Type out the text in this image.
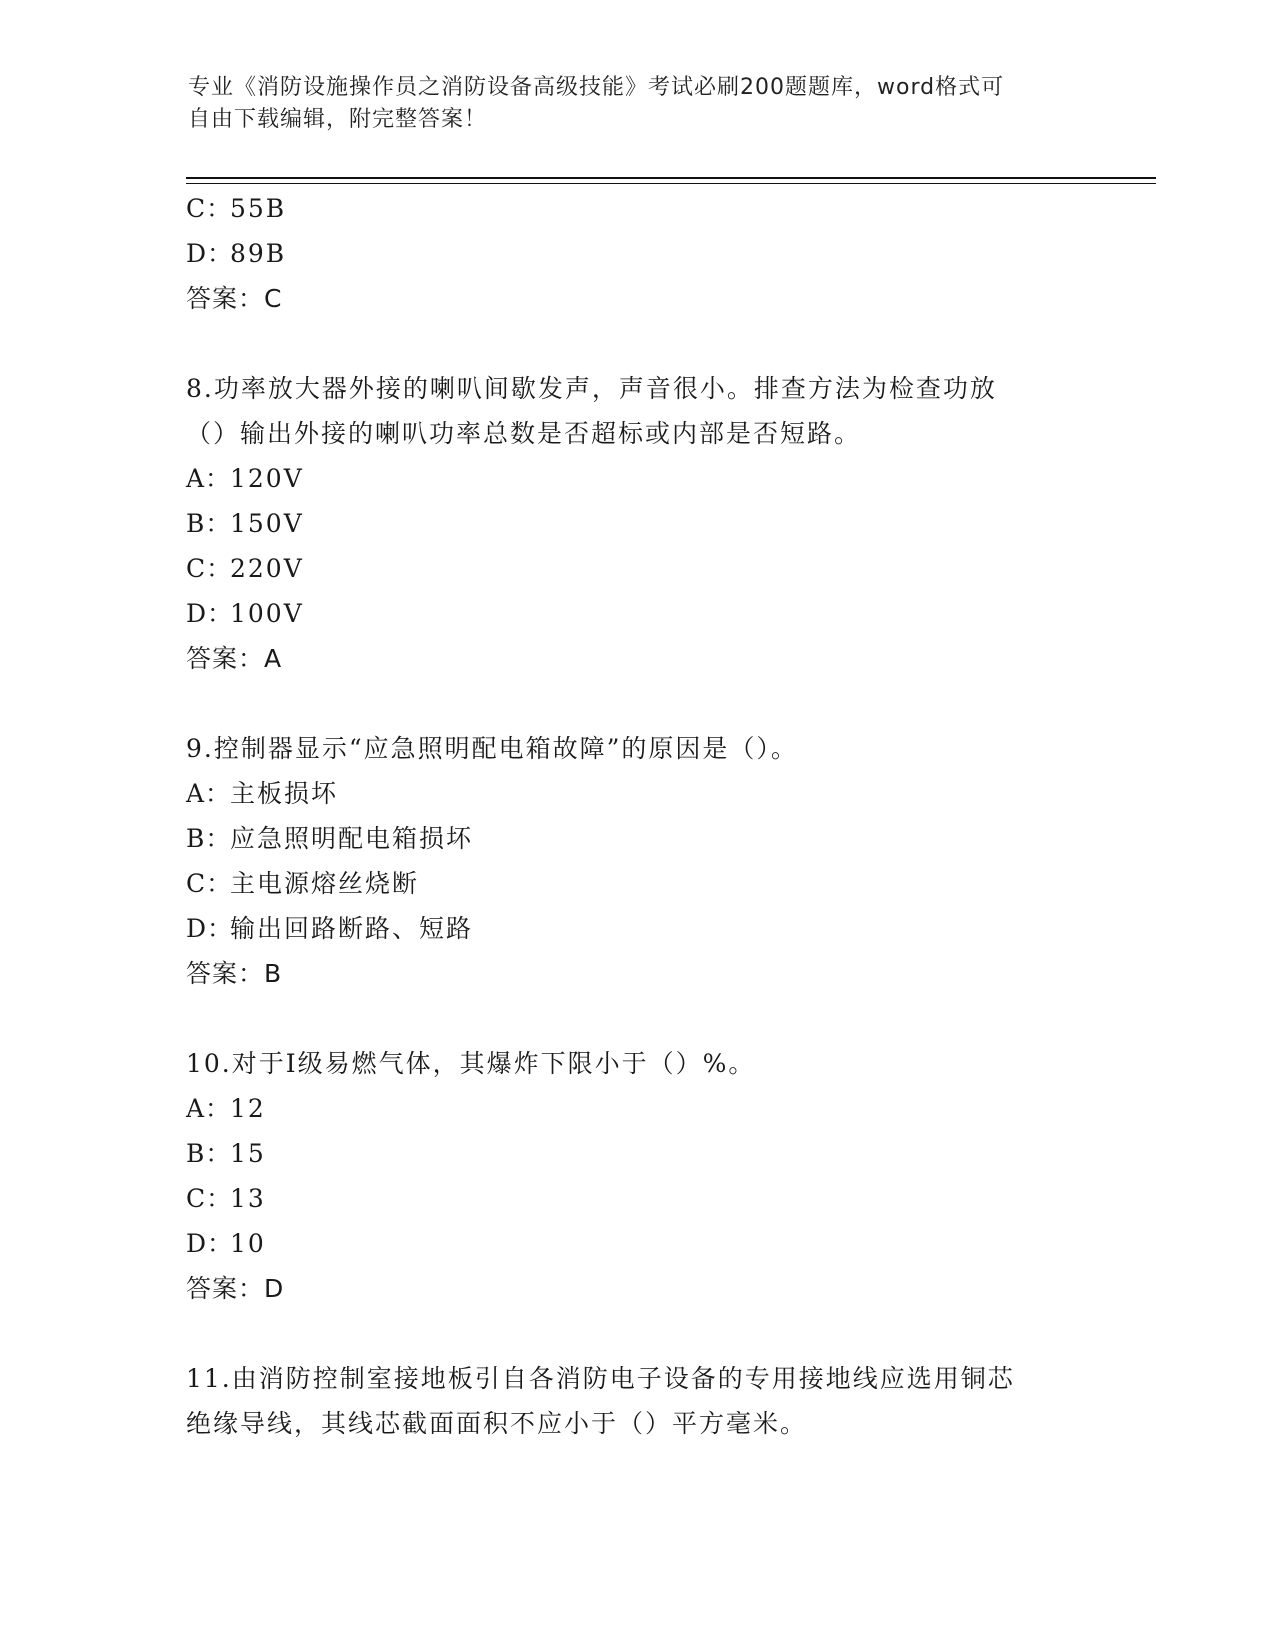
专业《消防设施操作员之消防设备高级技能》考试必刷200题题库，word格式可
自由下载编辑，附完整答案！
C：55B
D：89B
答案：C
8.功率放大器外接的喇叭间歇发声，声音很小。排查方法为检查功放
（）输出外接的喇叭功率总数是否超标或内部是否短路。
A：120V
B：150V
C：220V
D：100V
答案：A
9.控制器显示“应急照明配电箱故障”的原因是（）。
A：主板损坏
B：应急照明配电箱损坏
C：主电源熔丝烧断
D：输出回路断路、短路
答案：B
10.对于Ⅰ级易燃气体，其爆炸下限小于（）%。
A：12
B：15
C：13
D：10
答案：D
11.由消防控制室接地板引自各消防电子设备的专用接地线应选用铜芯
绝缘导线，其线芯截面面积不应小于（）平方毫米。
